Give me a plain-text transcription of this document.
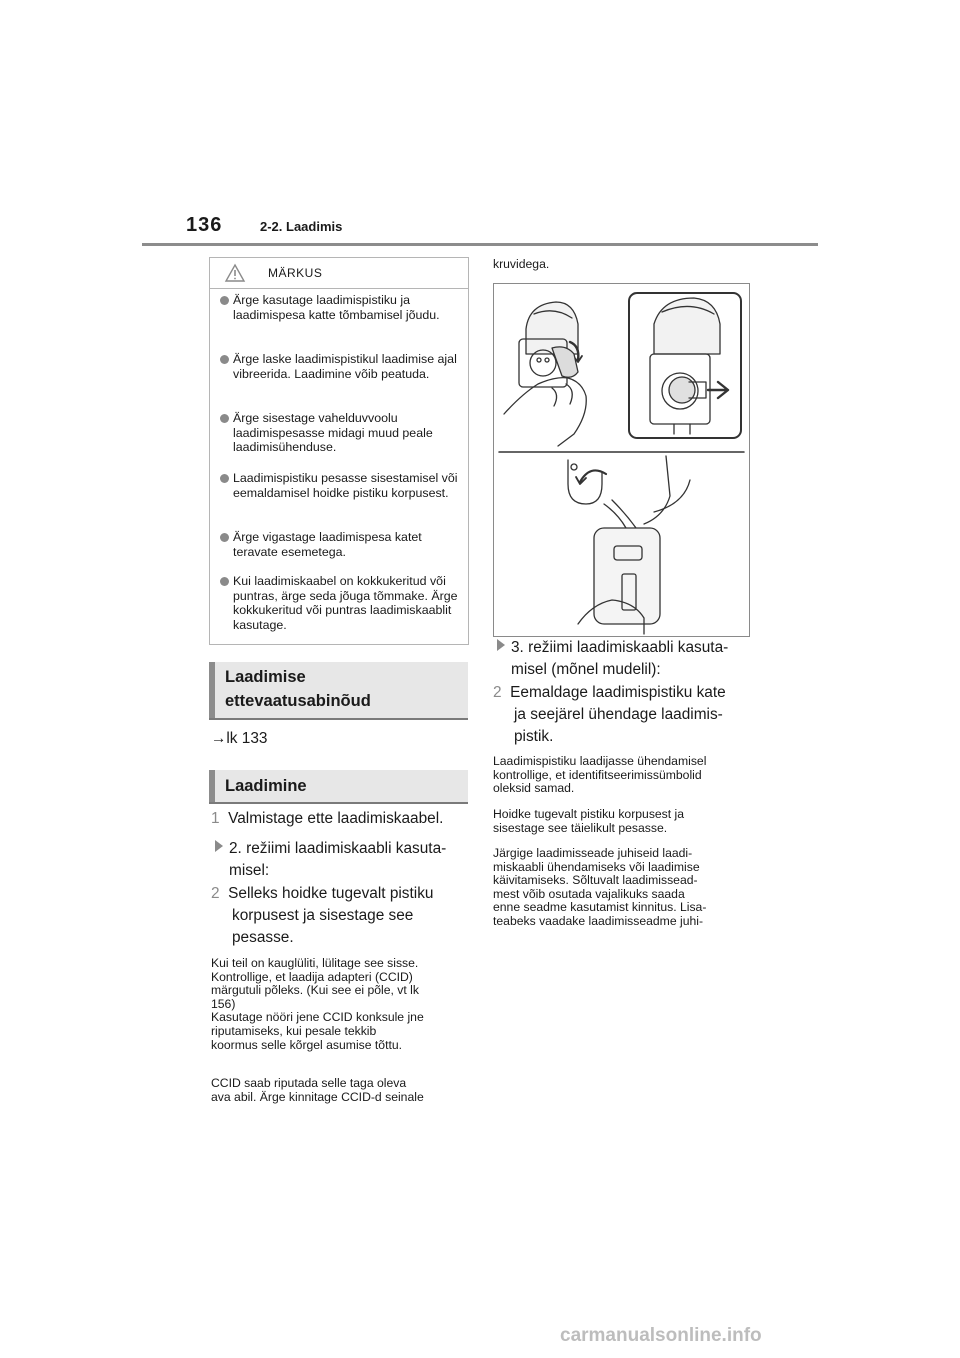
136	2-2. Laadimis
MÄRKUS
Ärge kasutage laadimispistiku ja laadimispesa katte tõmbamisel jõudu.
Ärge laske laadimispistikul laadimise ajal vibreerida. Laadimine võib peatuda.
Ärge sisestage vahelduvvoolu laadimispesasse midagi muud peale laadimisühenduse.
Laadimispistiku pesasse sisestamisel või eemaldamisel hoidke pistiku korpusest.
Ärge vigastage laadimispesa katet teravate esemetega.
Kui laadimiskaabel on kokkukeritud või puntras, ärge seda jõuga tõmmake. Ärge kokkukeritud või puntras laadimiskaablit kasutage.
Laadimise
ettevaatusabinõud
→lk 133
Laadimine
1 Valmistage ette laadimiskaabel.
2. režiimi laadimiskaabli kasuta-
misel:
2 Selleks hoidke tugevalt pistiku
korpusest ja sisestage see
pesasse.
Kui teil on kauglüliti, lülitage see sisse.
Kontrollige, et laadija adapteri (CCID)
märgutuli põleks. (Kui see ei põle, vt lk
156)
Kasutage nööri jene CCID konksule jne
riputamiseks, kui pesale tekkib
koormus selle kõrgel asumise tõttu.
CCID saab riputada selle taga oleva
ava abil. Ärge kinnitage CCID-d seinale
kruvidega.
3. režiimi laadimiskaabli kasuta-
misel (mõnel mudelil):
2 Eemaldage laadimispistiku kate
ja seejärel ühendage laadimis-
pistik.
Laadimispistiku laadijasse ühendamisel
kontrollige, et identifitseerimissümbolid
oleksid samad.
Hoidke tugevalt pistiku korpusest ja
sisestage see täielikult pesasse.
Järgige laadimisseade juhiseid laadi-
miskaabli ühendamiseks või laadimise
käivitamiseks. Sõltuvalt laadimissead-
mest võib osutada vajalikuks saada
enne seadme kasutamist kinnitus. Lisa-
teabeks vaadake laadimisseadme juhi-
carmanualsonline.info
